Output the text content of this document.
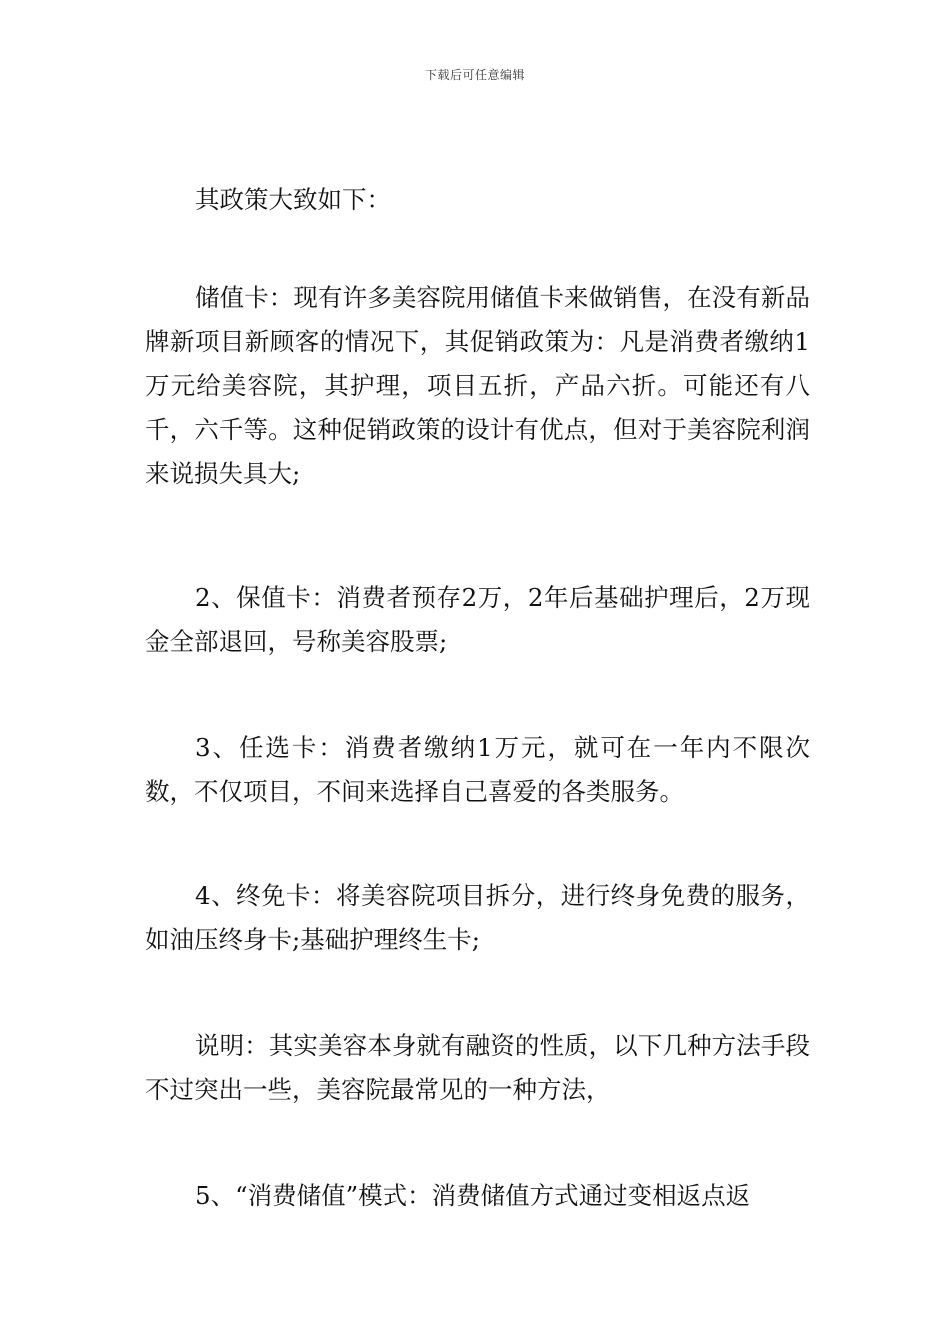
下载后可任意编辑
其政策大致如下：
储值卡：现有许多美容院用储值卡来做销售，在没有新品牌新项目新顾客的情况下，其促销政策为：凡是消费者缴纳1万元给美容院，其护理，项目五折，产品六折。可能还有八千，六千等。这种促销政策的设计有优点，但对于美容院利润来说损失具大;
2、保值卡：消费者预存2万，2年后基础护理后，2万现金全部退回，号称美容股票;
3、任选卡：消费者缴纳1万元，就可在一年内不限次数，不仅项目，不间来选择自己喜爱的各类服务。
4、终免卡：将美容院项目拆分，进行终身免费的服务，如油压终身卡;基础护理终生卡;
说明：其实美容本身就有融资的性质，以下几种方法手段不过突出一些，美容院最常见的一种方法，
5、“消费储值”模式：消费储值方式通过变相返点返
